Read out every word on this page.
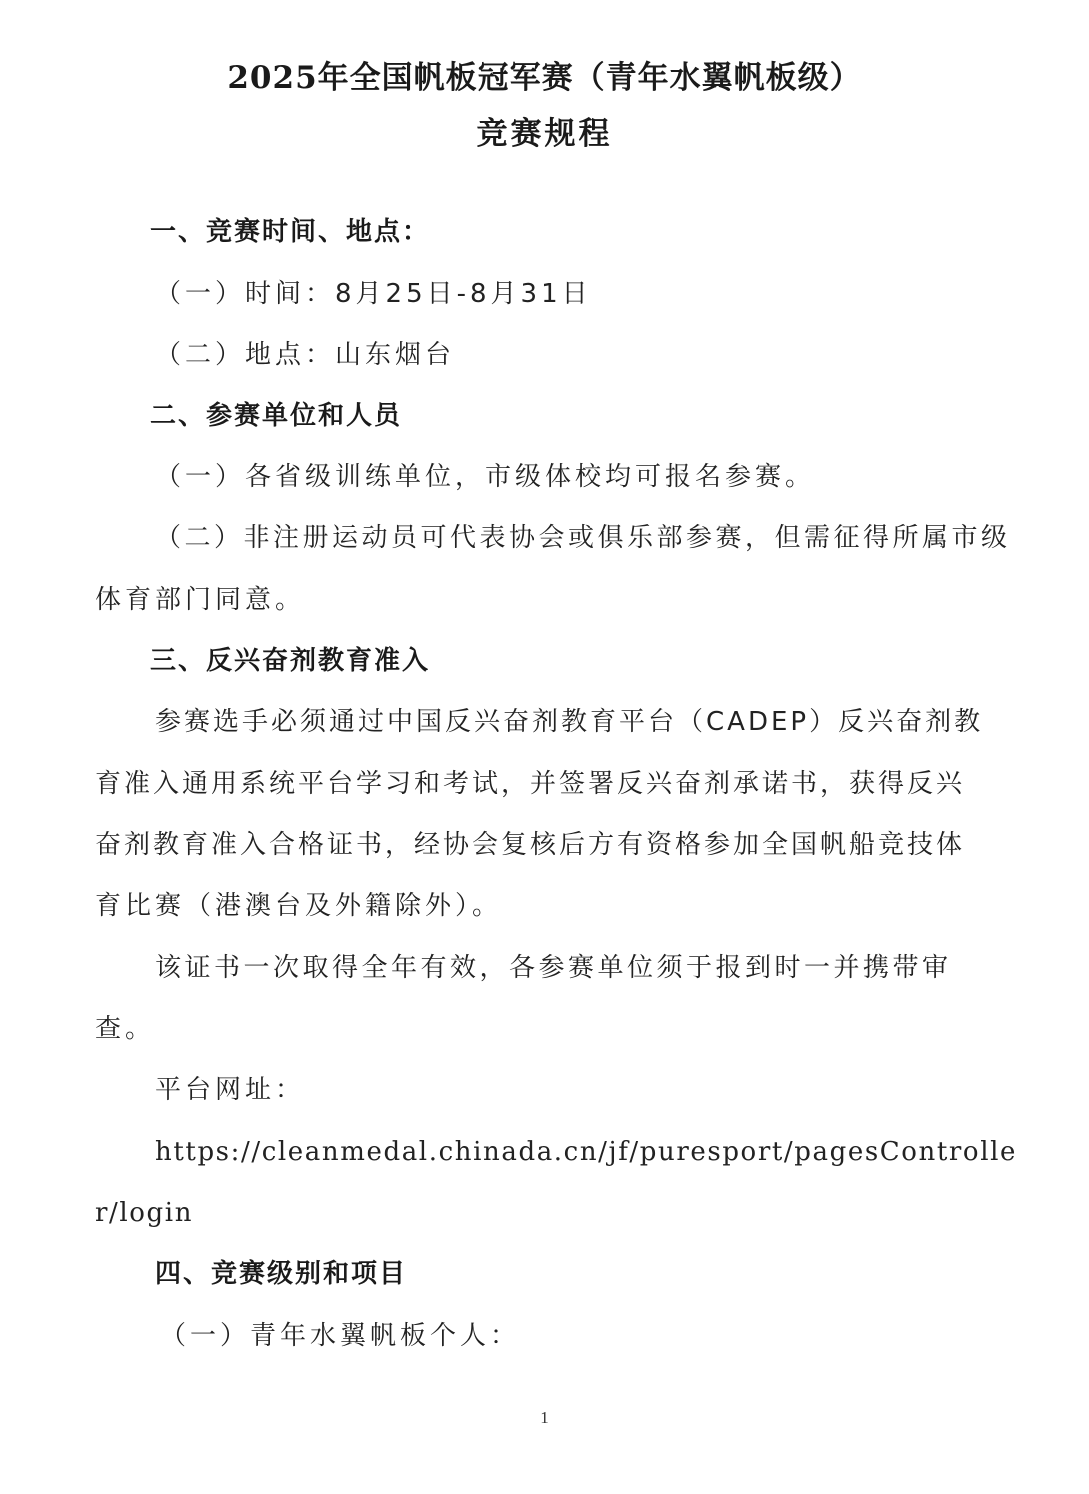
2025年全国帆板冠军赛（青年水翼帆板级）
竞赛规程
一、竞赛时间、地点：
（一）时间：8月25日-8月31日
（二）地点：山东烟台
二、参赛单位和人员
（一）各省级训练单位，市级体校均可报名参赛。
（二）非注册运动员可代表协会或俱乐部参赛，但需征得所属市级
体育部门同意。
三、反兴奋剂教育准入
参赛选手必须通过中国反兴奋剂教育平台（CADEP）反兴奋剂教
育准入通用系统平台学习和考试，并签署反兴奋剂承诺书，获得反兴
奋剂教育准入合格证书，经协会复核后方有资格参加全国帆船竞技体
育比赛（港澳台及外籍除外）。
该证书一次取得全年有效，各参赛单位须于报到时一并携带审
查。
平台网址：
https://cleanmedal.chinada.cn/jf/puresport/pagesControlle
r/login
四、竞赛级别和项目
（一）青年水翼帆板个人：
1
